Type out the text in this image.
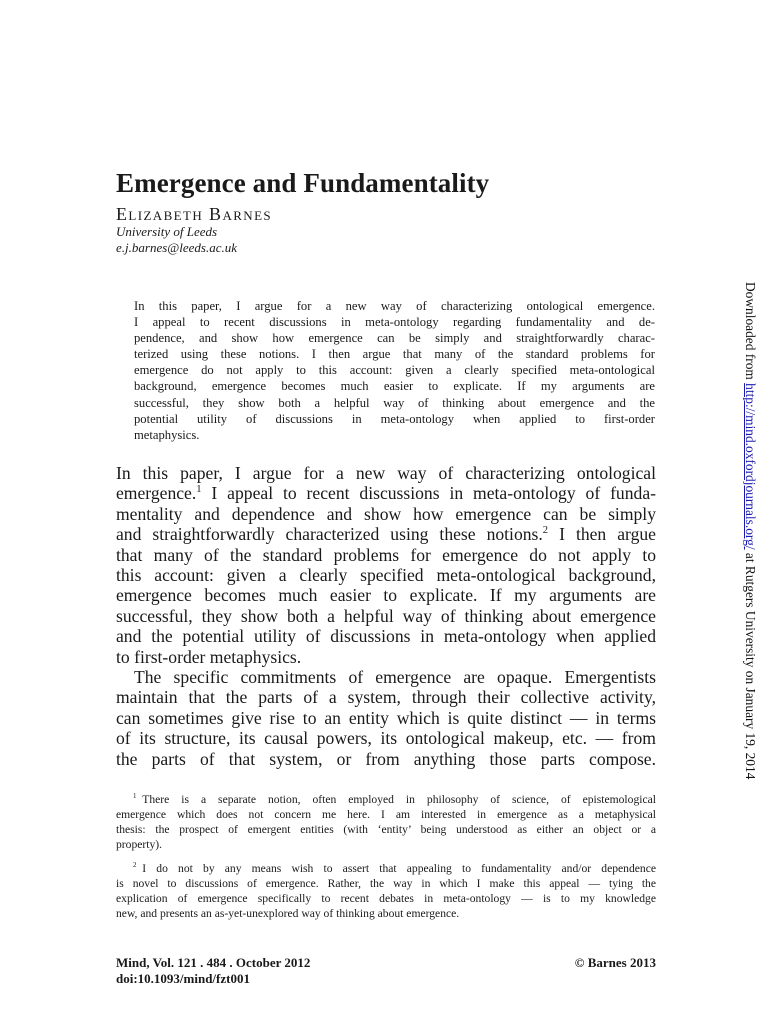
Emergence and Fundamentality
Elizabeth Barnes
University of Leeds
e.j.barnes@leeds.ac.uk
In this paper, I argue for a new way of characterizing ontological emergence.
I appeal to recent discussions in meta-ontology regarding fundamentality and de-
pendence, and show how emergence can be simply and straightforwardly charac-
terized using these notions. I then argue that many of the standard problems for
emergence do not apply to this account: given a clearly specified meta-ontological
background, emergence becomes much easier to explicate. If my arguments are
successful, they show both a helpful way of thinking about emergence and the
potential utility of discussions in meta-ontology when applied to first-order
metaphysics.
In this paper, I argue for a new way of characterizing ontological
emergence.$^1$ I appeal to recent discussions in meta-ontology of funda-
mentality and dependence and show how emergence can be simply
and straightforwardly characterized using these notions.$^2$ I then argue
that many of the standard problems for emergence do not apply to
this account: given a clearly specified meta-ontological background,
emergence becomes much easier to explicate. If my arguments are
successful, they show both a helpful way of thinking about emergence
and the potential utility of discussions in meta-ontology when applied
to first-order metaphysics.
The specific commitments of emergence are opaque. Emergentists
maintain that the parts of a system, through their collective activity,
can sometimes give rise to an entity which is quite distinct — in terms
of its structure, its causal powers, its ontological makeup, etc. — from
the parts of that system, or from anything those parts compose.
$^1$  There is a separate notion, often employed in philosophy of science, of epistemological
emergence which does not concern me here. I am interested in emergence as a metaphysical
thesis: the prospect of emergent entities (with ‘entity’ being understood as either an object or a
property).
$^2$  I do not by any means wish to assert that appealing to fundamentality and/or dependence
is novel to discussions of emergence. Rather, the way in which I make this appeal — tying the
explication of emergence specifically to recent debates in meta-ontology — is to my knowledge
new, and presents an as-yet-unexplored way of thinking about emergence.
Mind, Vol. 121 . 484 . October 2012
doi:10.1093/mind/fzt001
© Barnes 2013
Downloaded from http://mind.oxfordjournals.org/ at Rutgers University on January 19, 2014
